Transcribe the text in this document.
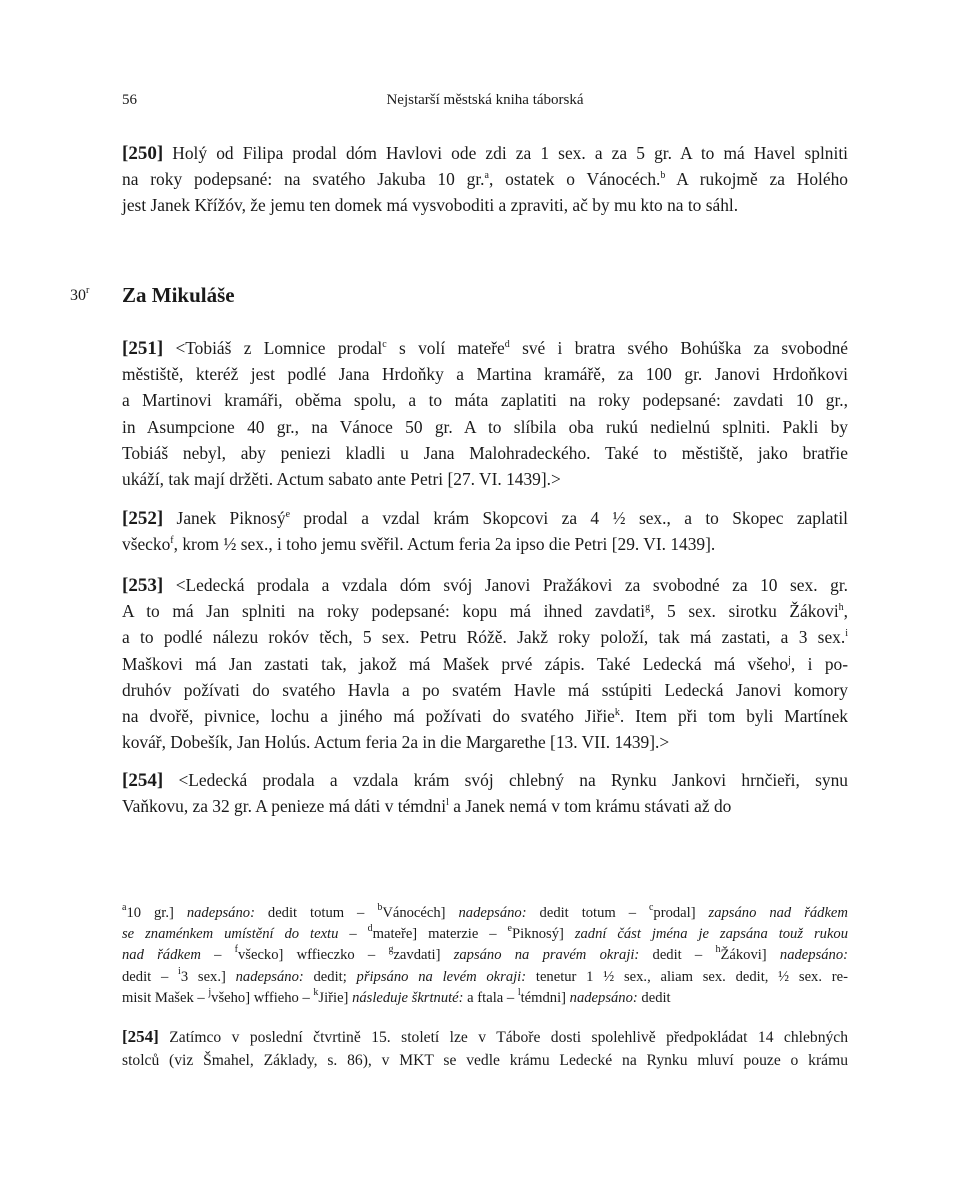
56	Nejstarší městská kniha táborská
[250] Holý od Filipa prodal dóm Havlovi ode zdi za 1 sex. a za 5 gr. A to má Havel splniti
na roky podepsané: na svatého Jakuba 10 gr.$^a$, ostatek o Vánocéch.$^b$ A rukojmě za Holého
jest Janek Křížóv, že jemu ten domek má vysvoboditi a zpraviti, ač by mu kto na to sáhl.
30$^r$ Za Mikuláše
[251] <Tobiáš z Lomnice prodal$^c$ s volí mateře$^d$ své i bratra svého Bohúška za svobodné
městiště, kteréž jest podlé Jana Hrdoňky a Martina kramářě, za 100 gr. Janovi Hrdoňkovi
a Martinovi kramáři, oběma spolu, a to máta zaplatiti na roky podepsané: zavdati 10 gr.,
in Asumpcione 40 gr., na Vánoce 50 gr. A to slíbila oba rukú nedielnú splniti. Pakli by
Tobiáš nebyl, aby peniezi kladli u Jana Malohradeckého. Také to městiště, jako bratřie
ukáží, tak mají držěti. Actum sabato ante Petri [27. VI. 1439].>
[252] Janek Piknosý$^e$ prodal a vzdal krám Skopcovi za 4 ½ sex., a to Skopec zaplatil
všecko$^f$, krom ½ sex., i toho jemu svěřil. Actum feria 2a ipso die Petri [29. VI. 1439].
[253] <Ledecká prodala a vzdala dóm svój Janovi Pražákovi za svobodné za 10 sex. gr.
A to má Jan splniti na roky podepsané: kopu má ihned zavdati$^g$, 5 sex. sirotku Žákovi$^h$,
a to podlé nálezu rokóv těch, 5 sex. Petru Róžě. Jakž roky položí, tak má zastati, a 3 sex.$^i$
Maškovi má Jan zastati tak, jakož má Mašek prvé zápis. Také Ledecká má všeho$^j$, i po-
druhóv požívati do svatého Havla a po svatém Havle má sstúpiti Ledecká Janovi komory
na dvořě, pivnice, lochu a jiného má požívati do svatého Jiřie$^k$. Item při tom byli Martínek
kovář, Dobešík, Jan Holús. Actum feria 2a in die Margarethe [13. VII. 1439].>
[254] <Ledecká prodala a vzdala krám svój chlebný na Rynku Jankovi hrnčieři, synu
Vaňkovu, za 32 gr. A penieze má dáti v témdni$^l$ a Janek nemá v tom krámu stávati až do
$^a$10 gr.] nadepsáno: dedit totum – $^b$Vánocéch] nadepsáno: dedit totum – $^c$prodal] zapsáno nad řádkem
se znaménkem umístění do textu – $^d$mateře] materzie – $^e$Piknosý] zadní část jména je zapsána touž rukou
nad řádkem – $^f$všecko] wffieczko – $^g$zavdati] zapsáno na pravém okraji: dedit – $^h$Žákovi] nadepsáno:
dedit – $^i$3 sex.] nadepsáno: dedit; připsáno na levém okraji: tenetur 1 ½ sex., aliam sex. dedit, ½ sex. re-
misit Mašek – $^j$všeho] wffieho – $^k$Jiřie] následuje škrtnuté: a ftala – $^l$témdni] nadepsáno: dedit
[254] Zatímco v poslední čtvrtině 15. století lze v Táboře dosti spolehlivě předpokládat 14 chlebných
stolců (viz Šmahel, Základy, s. 86), v MKT se vedle krámu Ledecké na Rynku mluví pouze o krámu
